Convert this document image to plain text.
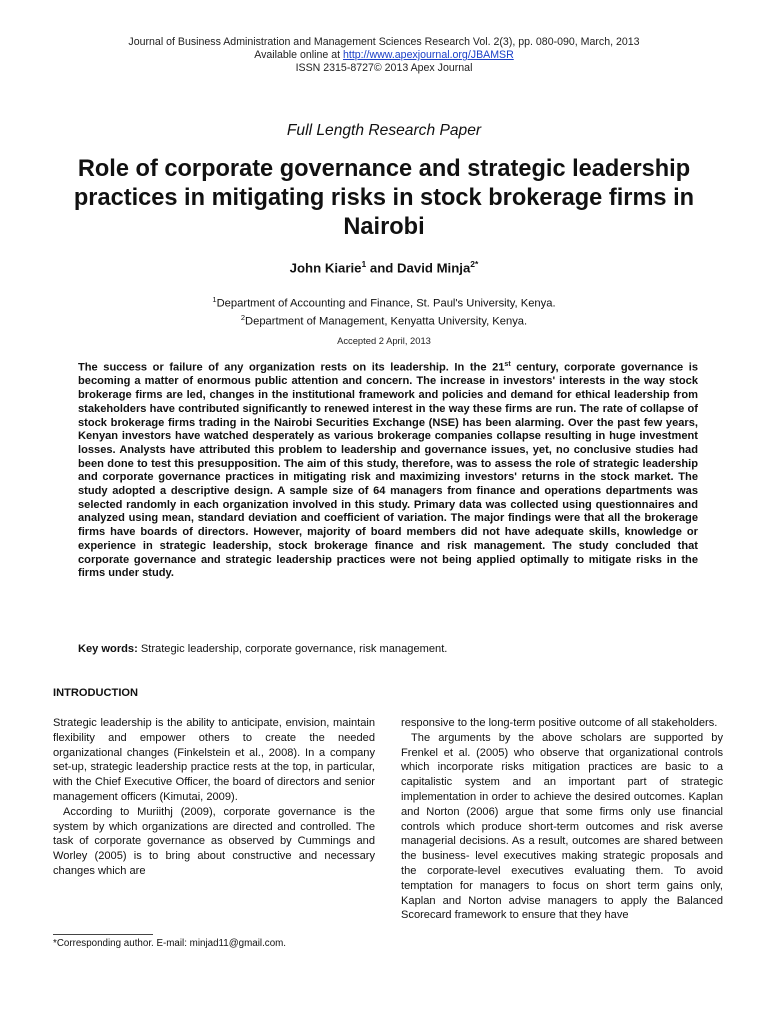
Journal of Business Administration and Management Sciences Research Vol. 2(3), pp. 080-090, March, 2013
Available online at http://www.apexjournal.org/JBAMSR
ISSN 2315-8727© 2013 Apex Journal
Full Length Research Paper
Role of corporate governance and strategic leadership practices in mitigating risks in stock brokerage firms in Nairobi
John Kiarie$^1$ and David Minja$^{2*}$
$^1$Department of Accounting and Finance, St. Paul's University, Kenya.
$^2$Department of Management, Kenyatta University, Kenya.
Accepted 2 April, 2013
The success or failure of any organization rests on its leadership. In the 21st century, corporate governance is becoming a matter of enormous public attention and concern. The increase in investors' interests in the way stock brokerage firms are led, changes in the institutional framework and policies and demand for ethical leadership from stakeholders have contributed significantly to renewed interest in the way these firms are run. The rate of collapse of stock brokerage firms trading in the Nairobi Securities Exchange (NSE) has been alarming. Over the past few years, Kenyan investors have watched desperately as various brokerage companies collapse resulting in huge investment losses. Analysts have attributed this problem to leadership and governance issues, yet, no conclusive studies had been done to test this presupposition. The aim of this study, therefore, was to assess the role of strategic leadership and corporate governance practices in mitigating risk and maximizing investors' returns in the stock market. The study adopted a descriptive design. A sample size of 64 managers from finance and operations departments was selected randomly in each organization involved in this study. Primary data was collected using questionnaires and analyzed using mean, standard deviation and coefficient of variation. The major findings were that all the brokerage firms have boards of directors. However, majority of board members did not have adequate skills, knowledge or experience in strategic leadership, stock brokerage finance and risk management. The study concluded that corporate governance and strategic leadership practices were not being applied optimally to mitigate risks in the firms under study.
Key words: Strategic leadership, corporate governance, risk management.
INTRODUCTION

Strategic leadership is the ability to anticipate, envision, maintain flexibility and empower others to create the needed organizational changes (Finkelstein et al., 2008). In a company set-up, strategic leadership practice rests at the top, in particular, with the Chief Executive Officer, the board of directors and senior management officers (Kimutai, 2009).

According to Muriithj (2009), corporate governance is the system by which organizations are directed and controlled. The task of corporate governance as observed by Cummings and Worley (2005) is to bring about constructive and necessary changes which are

responsive to the long-term positive outcome of all stakeholders.

The arguments by the above scholars are supported by Frenkel et al. (2005) who observe that organizational controls which incorporate risks mitigation practices are basic to a capitalistic system and an important part of strategic implementation in order to achieve the desired outcomes. Kaplan and Norton (2006) argue that some firms only use financial controls which produce short-term outcomes and risk averse managerial decisions. As a result, outcomes are shared between the business- level executives making strategic proposals and the corporate-level executives evaluating them. To avoid temptation for managers to focus on short term gains only, Kaplan and Norton advise managers to apply the Balanced Scorecard framework to ensure that they have

*Corresponding author. E-mail: minjad11@gmail.com.
